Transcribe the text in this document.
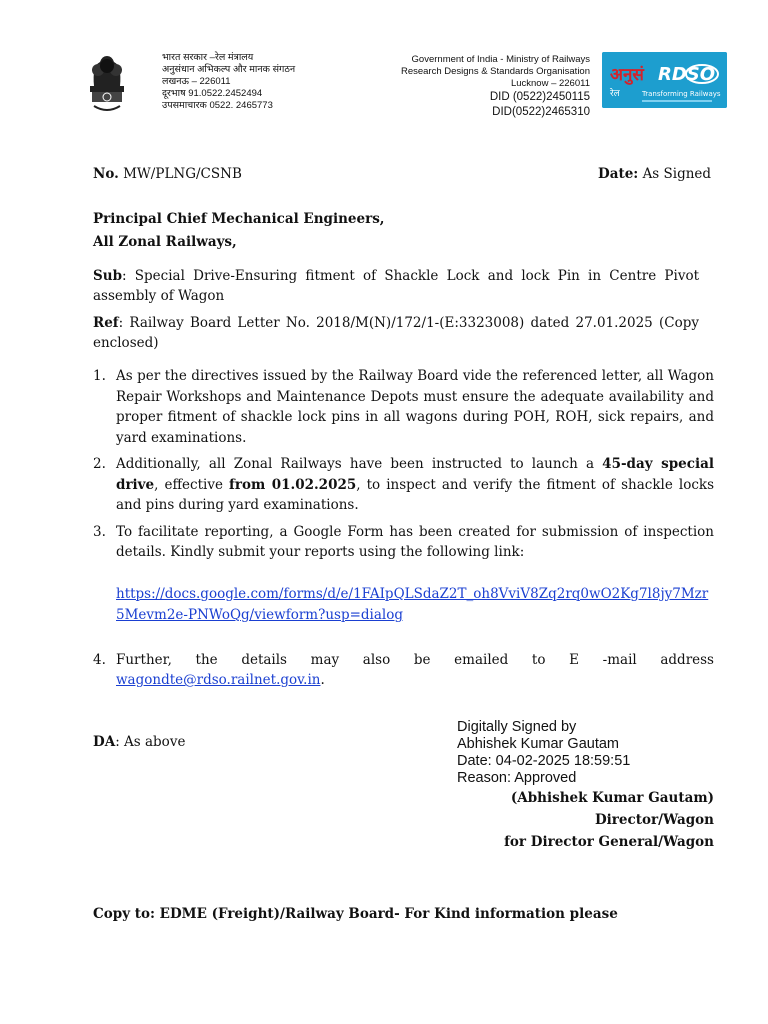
भारत सरकार –रेल मंत्रालय
अनुसंधान अभिकल्प और मानक संगठन
लखनऊ – 226011
दूरभाष 91.0522.2452494
उपसमाचारक 0522. 2465773
Government of India - Ministry of Railways
Research Designs & Standards Organisation
Lucknow – 226011
DID (0522)2450115
DID(0522)2465310
अनुसं RDSO
रेल	Transforming Railways
No. MW/PLNG/CSNB	Date: As Signed
Principal Chief Mechanical Engineers,
All Zonal Railways,
Sub: Special Drive-Ensuring fitment of Shackle Lock and lock Pin in Centre Pivot assembly of Wagon
Ref: Railway Board Letter No. 2018/M(N)/172/1-(E:3323008) dated 27.01.2025 (Copy enclosed)
1. As per the directives issued by the Railway Board vide the referenced letter, all Wagon Repair Workshops and Maintenance Depots must ensure the adequate availability and proper fitment of shackle lock pins in all wagons during POH, ROH, sick repairs, and yard examinations.
2. Additionally, all Zonal Railways have been instructed to launch a 45-day special drive, effective from 01.02.2025, to inspect and verify the fitment of shackle locks and pins during yard examinations.
3. To facilitate reporting, a Google Form has been created for submission of inspection details. Kindly submit your reports using the following link:
https://docs.google.com/forms/d/e/1FAIpQLSdaZ2T_oh8VviV8Zq2rq0wO2Kg7l8jy7Mzr5Mevm2e-PNWoQg/viewform?usp=dialog
4. Further, the details may also be emailed to E -mail address
wagondte@rdso.railnet.gov.in.
DA: As above
Digitally Signed by
Abhishek Kumar Gautam
Date: 04-02-2025 18:59:51
Reason: Approved
(Abhishek Kumar Gautam)
Director/Wagon
for Director General/Wagon
Copy to: EDME (Freight)/Railway Board- For Kind information please
